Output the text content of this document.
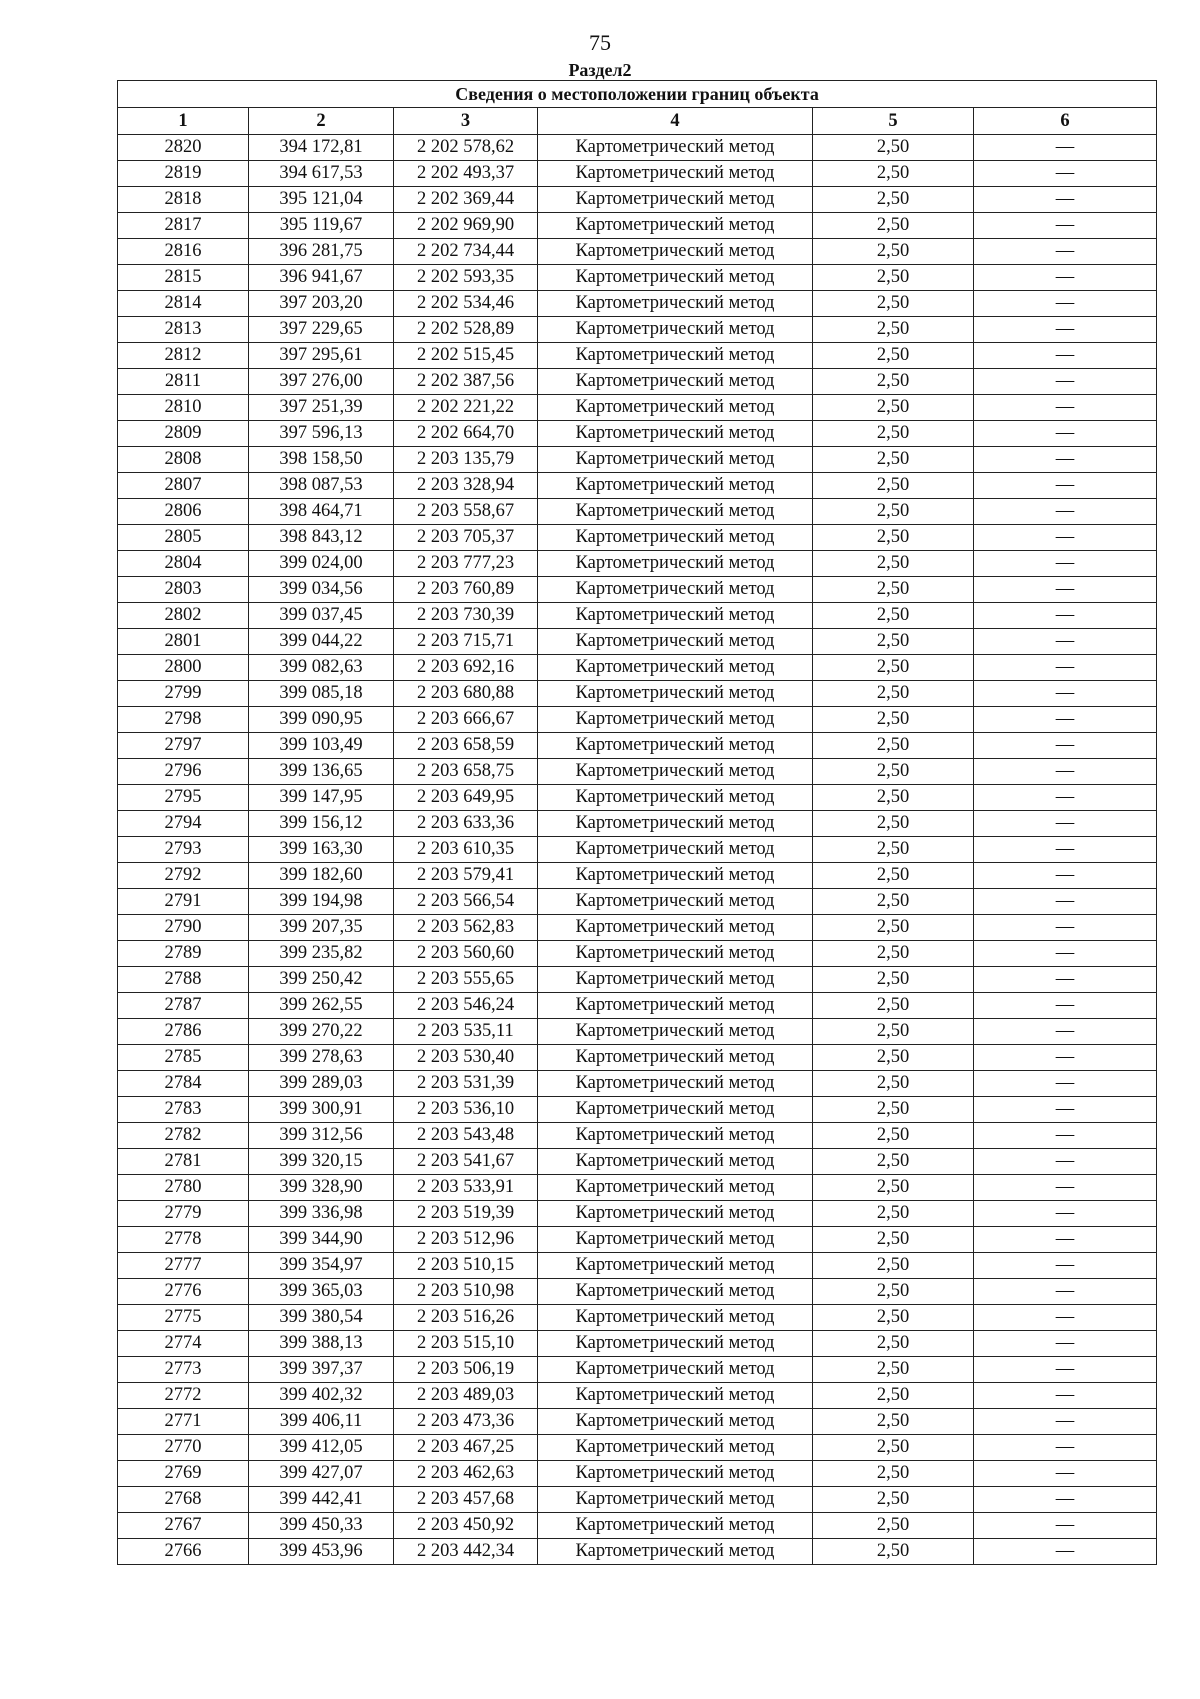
75
Раздел2
Сведения о местоположении границ объекта					
1	2	3	4	5	6
2820	394 172,81	2 202 578,62	Картометрический метод	2,50	—
2819	394 617,53	2 202 493,37	Картометрический метод	2,50	—
2818	395 121,04	2 202 369,44	Картометрический метод	2,50	—
2817	395 119,67	2 202 969,90	Картометрический метод	2,50	—
2816	396 281,75	2 202 734,44	Картометрический метод	2,50	—
2815	396 941,67	2 202 593,35	Картометрический метод	2,50	—
2814	397 203,20	2 202 534,46	Картометрический метод	2,50	—
2813	397 229,65	2 202 528,89	Картометрический метод	2,50	—
2812	397 295,61	2 202 515,45	Картометрический метод	2,50	—
2811	397 276,00	2 202 387,56	Картометрический метод	2,50	—
2810	397 251,39	2 202 221,22	Картометрический метод	2,50	—
2809	397 596,13	2 202 664,70	Картометрический метод	2,50	—
2808	398 158,50	2 203 135,79	Картометрический метод	2,50	—
2807	398 087,53	2 203 328,94	Картометрический метод	2,50	—
2806	398 464,71	2 203 558,67	Картометрический метод	2,50	—
2805	398 843,12	2 203 705,37	Картометрический метод	2,50	—
2804	399 024,00	2 203 777,23	Картометрический метод	2,50	—
2803	399 034,56	2 203 760,89	Картометрический метод	2,50	—
2802	399 037,45	2 203 730,39	Картометрический метод	2,50	—
2801	399 044,22	2 203 715,71	Картометрический метод	2,50	—
2800	399 082,63	2 203 692,16	Картометрический метод	2,50	—
2799	399 085,18	2 203 680,88	Картометрический метод	2,50	—
2798	399 090,95	2 203 666,67	Картометрический метод	2,50	—
2797	399 103,49	2 203 658,59	Картометрический метод	2,50	—
2796	399 136,65	2 203 658,75	Картометрический метод	2,50	—
2795	399 147,95	2 203 649,95	Картометрический метод	2,50	—
2794	399 156,12	2 203 633,36	Картометрический метод	2,50	—
2793	399 163,30	2 203 610,35	Картометрический метод	2,50	—
2792	399 182,60	2 203 579,41	Картометрический метод	2,50	—
2791	399 194,98	2 203 566,54	Картометрический метод	2,50	—
2790	399 207,35	2 203 562,83	Картометрический метод	2,50	—
2789	399 235,82	2 203 560,60	Картометрический метод	2,50	—
2788	399 250,42	2 203 555,65	Картометрический метод	2,50	—
2787	399 262,55	2 203 546,24	Картометрический метод	2,50	—
2786	399 270,22	2 203 535,11	Картометрический метод	2,50	—
2785	399 278,63	2 203 530,40	Картометрический метод	2,50	—
2784	399 289,03	2 203 531,39	Картометрический метод	2,50	—
2783	399 300,91	2 203 536,10	Картометрический метод	2,50	—
2782	399 312,56	2 203 543,48	Картометрический метод	2,50	—
2781	399 320,15	2 203 541,67	Картометрический метод	2,50	—
2780	399 328,90	2 203 533,91	Картометрический метод	2,50	—
2779	399 336,98	2 203 519,39	Картометрический метод	2,50	—
2778	399 344,90	2 203 512,96	Картометрический метод	2,50	—
2777	399 354,97	2 203 510,15	Картометрический метод	2,50	—
2776	399 365,03	2 203 510,98	Картометрический метод	2,50	—
2775	399 380,54	2 203 516,26	Картометрический метод	2,50	—
2774	399 388,13	2 203 515,10	Картометрический метод	2,50	—
2773	399 397,37	2 203 506,19	Картометрический метод	2,50	—
2772	399 402,32	2 203 489,03	Картометрический метод	2,50	—
2771	399 406,11	2 203 473,36	Картометрический метод	2,50	—
2770	399 412,05	2 203 467,25	Картометрический метод	2,50	—
2769	399 427,07	2 203 462,63	Картометрический метод	2,50	—
2768	399 442,41	2 203 457,68	Картометрический метод	2,50	—
2767	399 450,33	2 203 450,92	Картометрический метод	2,50	—
2766	399 453,96	2 203 442,34	Картометрический метод	2,50	—
